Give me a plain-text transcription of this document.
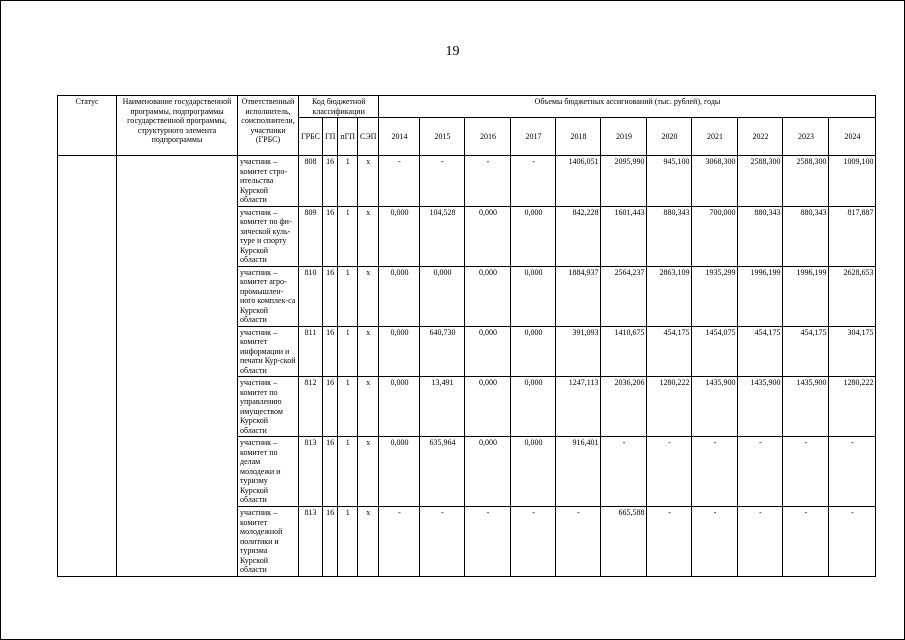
19
Статус	Наименование государственной программы, подпрограммы государственной программы, структурного элемента подпрограммы	Ответственный исполнитель, соисполнители, участники (ГРБС)	Код бюджетной классификации				Объемы бюджетных ассигнований (тыс. рублей), годы										
			ГРБС	ГП	пГП	СЭП	2014	2015	2016	2017	2018	2019	2020	2021	2022	2023	2024
		участник – комитет стро-ительства Курской области	808	16	1	х	-	-	-	-	1406,051	2095,990	945,100	3068,300	2588,300	2588,300	1009,100
		участник – комитет по фи-зической куль-туре и спорту Курской области	809	16	1	х	0,000	104,528	0,000	0,000	842,228	1601,443	880,343	700,000	880,343	880,343	817,887
		участник – комитет агро-промышлен-ного комплек-са Курской области	810	16	1	х	0,000	0,000	0,000	0,000	1884,937	2564,237	2863,109	1935,299	1996,199	1996,199	2628,653
		участник – комитет информации и печати Кур-ской области	811	16	1	х	0,000	640,730	0,000	0,000	391,093	1410,675	454,175	1454,075	454,175	454,175	304,175
		участник – комитет по управлению имуществом Курской области	812	16	1	х	0,000	13,491	0,000	0,000	1247,113	2036,206	1280,222	1435,900	1435,900	1435,900	1280,222
		участник – комитет по делам молодежи и туризму Курской области	813	16	1	х	0,000	635,964	0,000	0,000	916,401	-	-	-	-	-	-
		участник – комитет молодежной политики и туризма Курской области	813	16	1	х	-	-	-	-	-	665,588	-	-	-	-	-
